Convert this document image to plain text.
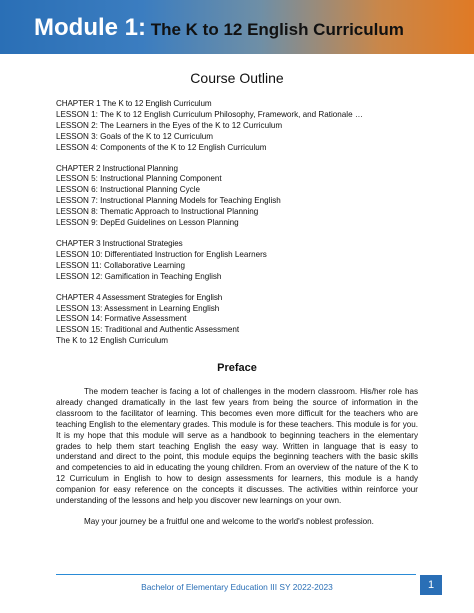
Module 1: The K to 12 English Curriculum
Course Outline
CHAPTER 1 The K to 12 English Curriculum
LESSON 1: The K to 12 English Curriculum Philosophy, Framework, and Rationale …
LESSON 2: The Learners in the Eyes of the K to 12 Curriculum
LESSON 3: Goals of the K to 12 Curriculum
LESSON 4: Components of the K to 12 English Curriculum
CHAPTER 2 Instructional Planning
LESSON 5: Instructional Planning Component
LESSON 6: Instructional Planning Cycle
LESSON 7: Instructional Planning Models for Teaching English
LESSON 8: Thematic Approach to Instructional Planning
LESSON 9: DepEd Guidelines on Lesson Planning
CHAPTER 3 Instructional Strategies
LESSON 10: Differentiated Instruction for English Learners
LESSON 11: Collaborative Learning
LESSON 12: Gamification in Teaching English
CHAPTER 4 Assessment Strategies for English
LESSON 13: Assessment in Learning English
LESSON 14: Formative Assessment
LESSON 15: Traditional and Authentic Assessment
The K to 12 English Curriculum
Preface
The modern teacher is facing a lot of challenges in the modern classroom. His/her role has already changed dramatically in the last few years from being the source of information in the classroom to the facilitator of learning. This becomes even more difficult for the teachers who are teaching English to the elementary grades. This module is for these teachers. This module is for you. It is my hope that this module will serve as a handbook to beginning teachers in the elementary grades to help them start teaching English the easy way. Written in language that is easy to understand and direct to the point, this module equips the beginning teachers with the basic skills and competencies to aid in educating the young children. From an overview of the nature of the K to 12 Curriculum in English to how to design assessments for learners, this module is a handy companion for easy reference on the concepts it discusses. The activities within reinforce your understanding of the lessons and help you discover new learnings on your own.
May your journey be a fruitful one and welcome to the world's noblest profession.
Bachelor of Elementary Education III SY 2022-2023	1
